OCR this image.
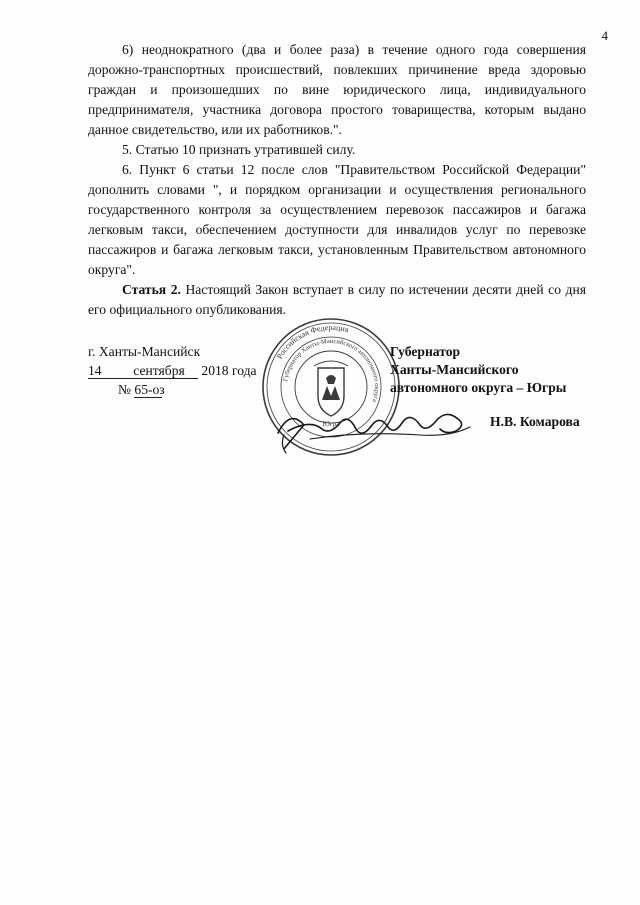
4
6) неоднократного (два и более раза) в течение одного года совершения дорожно-транспортных происшествий, повлекших причинение вреда здоровью граждан и произошедших по вине юридического лица, индивидуального предпринимателя, участника договора простого товарищества, которым выдано данное свидетельство, или их работников.".
5. Статью 10 признать утратившей силу.
6. Пункт 6 статьи 12 после слов "Правительством Российской Федерации" дополнить словами ", и порядком организации и осуществления регионального государственного контроля за осуществлением перевозок пассажиров и багажа легковым такси, обеспечением доступности для инвалидов услуг по перевозке пассажиров и багажа легковым такси, установленным Правительством автономного округа".
Статья 2. Настоящий Закон вступает в силу по истечении десяти дней со дня его официального опубликования.
г. Ханты-Мансийск
14 сентября 2018 года
№ 65-оз
Российская Федерация
Губернатор Ханты-Мансийского автономного округа
Югра
Губернатор
Ханты-Мансийского
автономного округа – Югры
Н.В. Комарова
